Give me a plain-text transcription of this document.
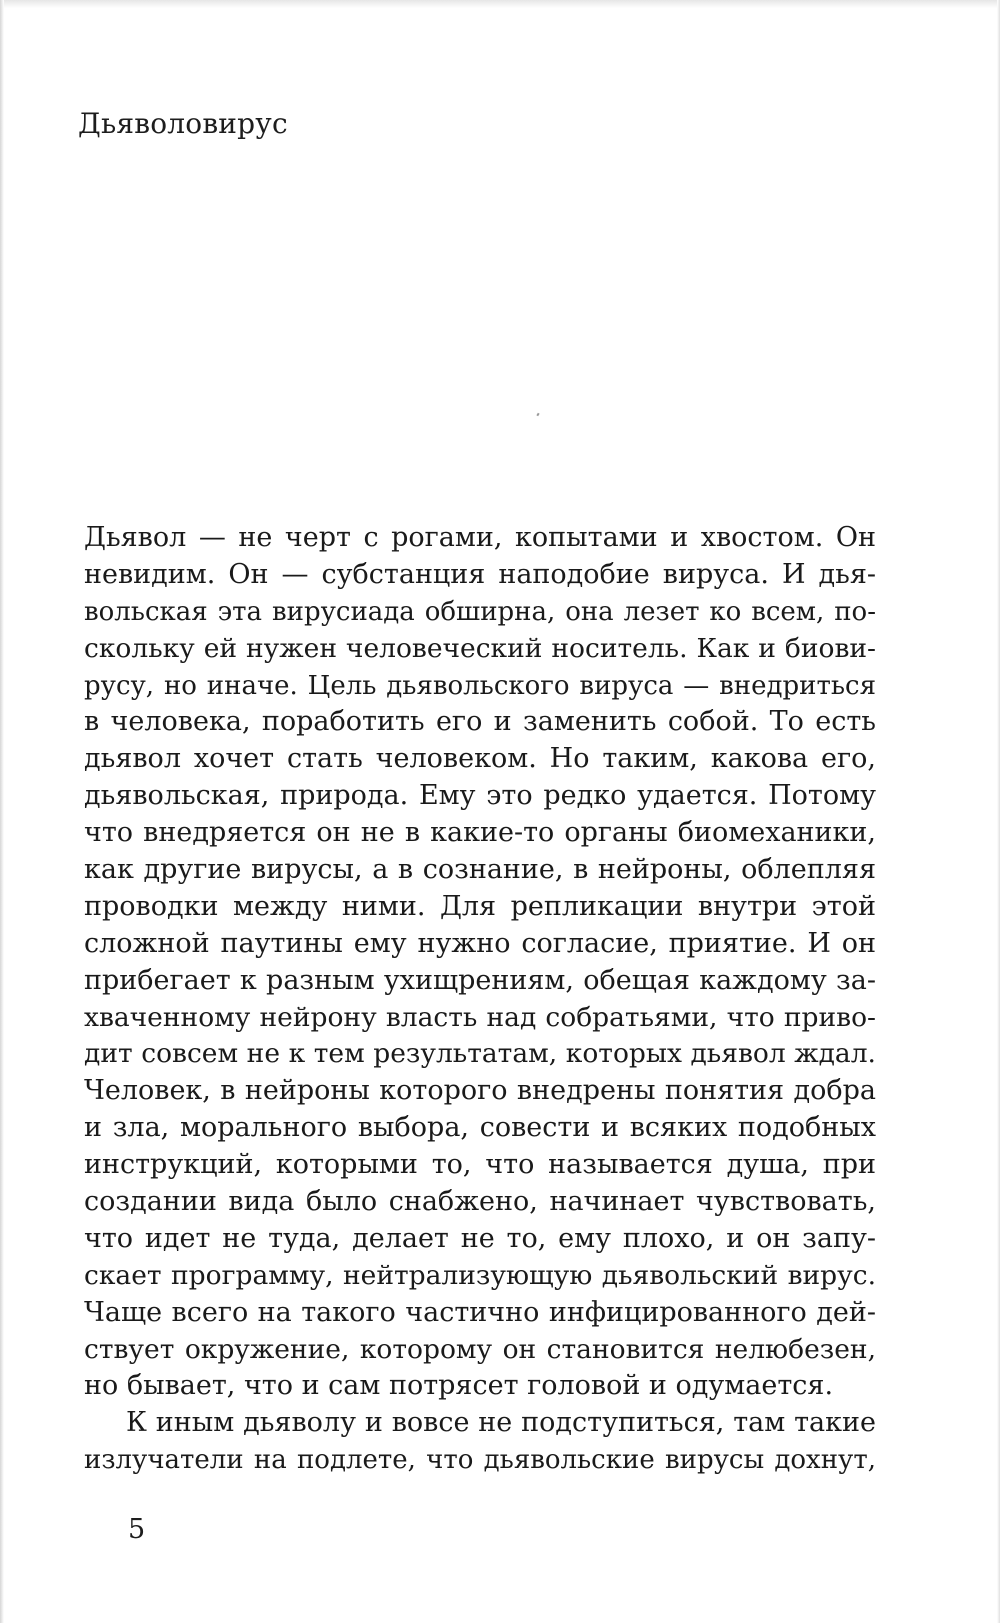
Дьяволовирус
Дьявол — не черт с рогами, копытами и хвостом. Он
невидим. Он — субстанция наподобие вируса. И дья-
вольская эта вирусиада обширна, она лезет ко всем, по-
скольку ей нужен человеческий носитель. Как и биови-
русу, но иначе. Цель дьявольского вируса — внедриться
в человека, поработить его и заменить собой. То есть
дьявол хочет стать человеком. Но таким, какова его,
дьявольская, природа. Ему это редко удается. Потому
что внедряется он не в какие-то органы биомеханики,
как другие вирусы, а в сознание, в нейроны, облепляя
проводки между ними. Для репликации внутри этой
сложной паутины ему нужно согласие, приятие. И он
прибегает к разным ухищрениям, обещая каждому за-
хваченному нейрону власть над собратьями, что приво-
дит совсем не к тем результатам, которых дьявол ждал.
Человек, в нейроны которого внедрены понятия добра
и зла, морального выбора, совести и всяких подобных
инструкций, которыми то, что называется душа, при
создании вида было снабжено, начинает чувствовать,
что идет не туда, делает не то, ему плохо, и он запу-
скает программу, нейтрализующую дьявольский вирус.
Чаще всего на такого частично инфицированного дей-
ствует окружение, которому он становится нелюбезен,
но бывает, что и сам потрясет головой и одумается.
К иным дьяволу и вовсе не подступиться, там такие
излучатели на подлете, что дьявольские вирусы дохнут,
5
